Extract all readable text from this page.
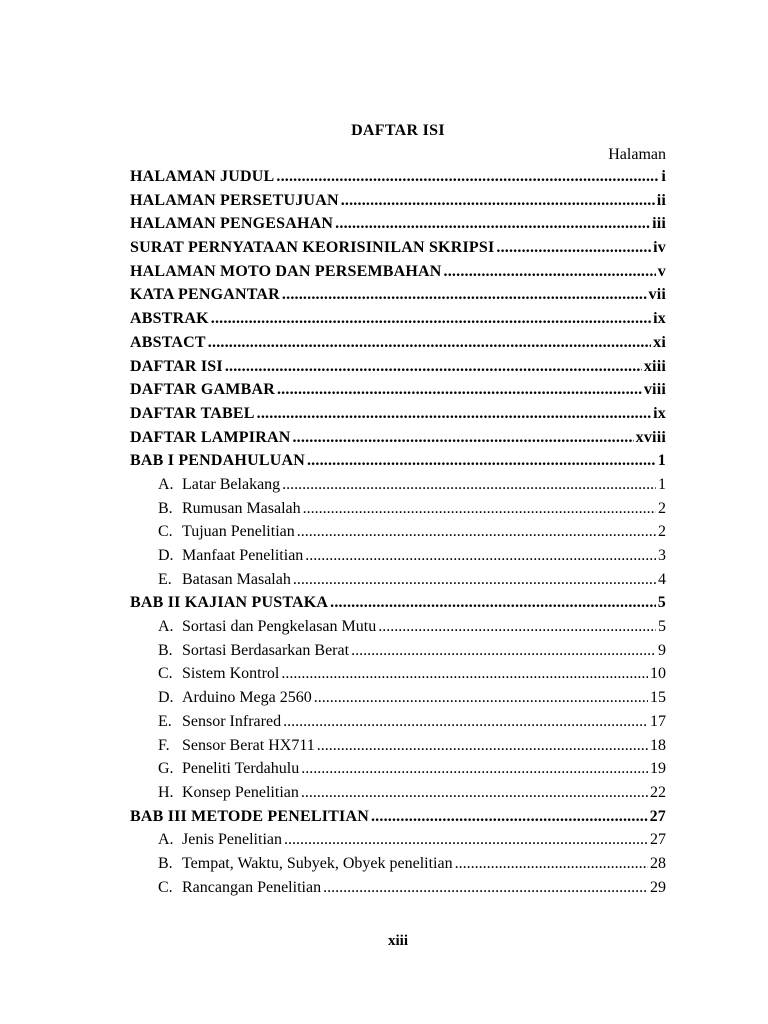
DAFTAR ISI
Halaman
HALAMAN JUDUL .....	i
HALAMAN PERSETUJUAN .....	ii
HALAMAN PENGESAHAN .....	iii
SURAT PERNYATAAN KEORISINILAN SKRIPSI .....	iv
HALAMAN MOTO DAN PERSEMBAHAN .....	v
KATA PENGANTAR .....	vii
ABSTRAK .....	ix
ABSTACT .....	xi
DAFTAR ISI .....	xiii
DAFTAR GAMBAR .....	viii
DAFTAR TABEL .....	ix
DAFTAR LAMPIRAN .....	xviii
BAB I PENDAHULUAN .....	1
A. Latar Belakang .....	1
B. Rumusan Masalah .....	2
C. Tujuan Penelitian .....	2
D. Manfaat Penelitian .....	3
E. Batasan Masalah .....	4
BAB II KAJIAN PUSTAKA .....	5
A. Sortasi dan Pengkelasan Mutu .....	5
B. Sortasi Berdasarkan Berat .....	9
C. Sistem Kontrol .....	10
D. Arduino Mega 2560 .....	15
E. Sensor Infrared .....	17
F. Sensor Berat HX711 .....	18
G. Peneliti Terdahulu .....	19
H. Konsep Penelitian .....	22
BAB III METODE PENELITIAN .....	27
A. Jenis Penelitian .....	27
B. Tempat, Waktu, Subyek, Obyek penelitian .....	28
C. Rancangan Penelitian .....	29
xiii
